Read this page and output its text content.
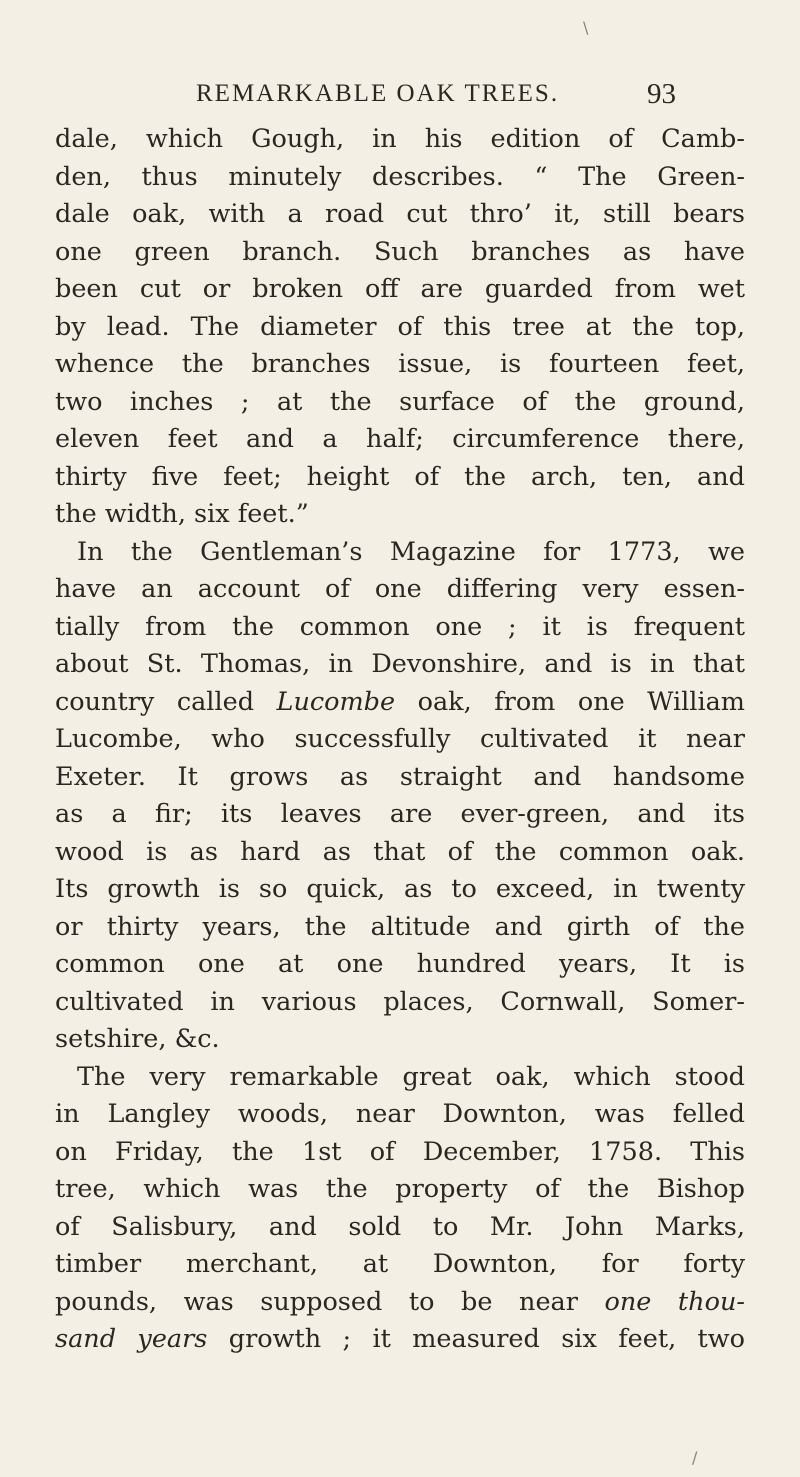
\
/
REMARKABLE OAK TREES.	93
dale, which Gough, in his edition of Camb-
den, thus minutely describes. “ The Green-
dale oak, with a road cut thro’ it, still bears
one green branch. Such branches as have
been cut or broken off are guarded from wet
by lead. The diameter of this tree at the top,
whence the branches issue, is fourteen feet,
two inches ; at the surface of the ground,
eleven feet and a half; circumference there,
thirty five feet; height of the arch, ten, and
the width, six feet.”
In the Gentleman’s Magazine for 1773, we
have an account of one differing very essen-
tially from the common one ; it is frequent
about St. Thomas, in Devonshire, and is in that
country called Lucombe oak, from one William
Lucombe, who successfully cultivated it near
Exeter. It grows as straight and handsome
as a fir; its leaves are ever-green, and its
wood is as hard as that of the common oak.
Its growth is so quick, as to exceed, in twenty
or thirty years, the altitude and girth of the
common one at one hundred years, It is
cultivated in various places, Cornwall, Somer-
setshire, &c.
The very remarkable great oak, which stood
in Langley woods, near Downton, was felled
on Friday, the 1st of December, 1758. This
tree, which was the property of the Bishop
of Salisbury, and sold to Mr. John Marks,
timber merchant, at Downton, for forty
pounds, was supposed to be near one thou-
sand years growth ; it measured six feet, two
